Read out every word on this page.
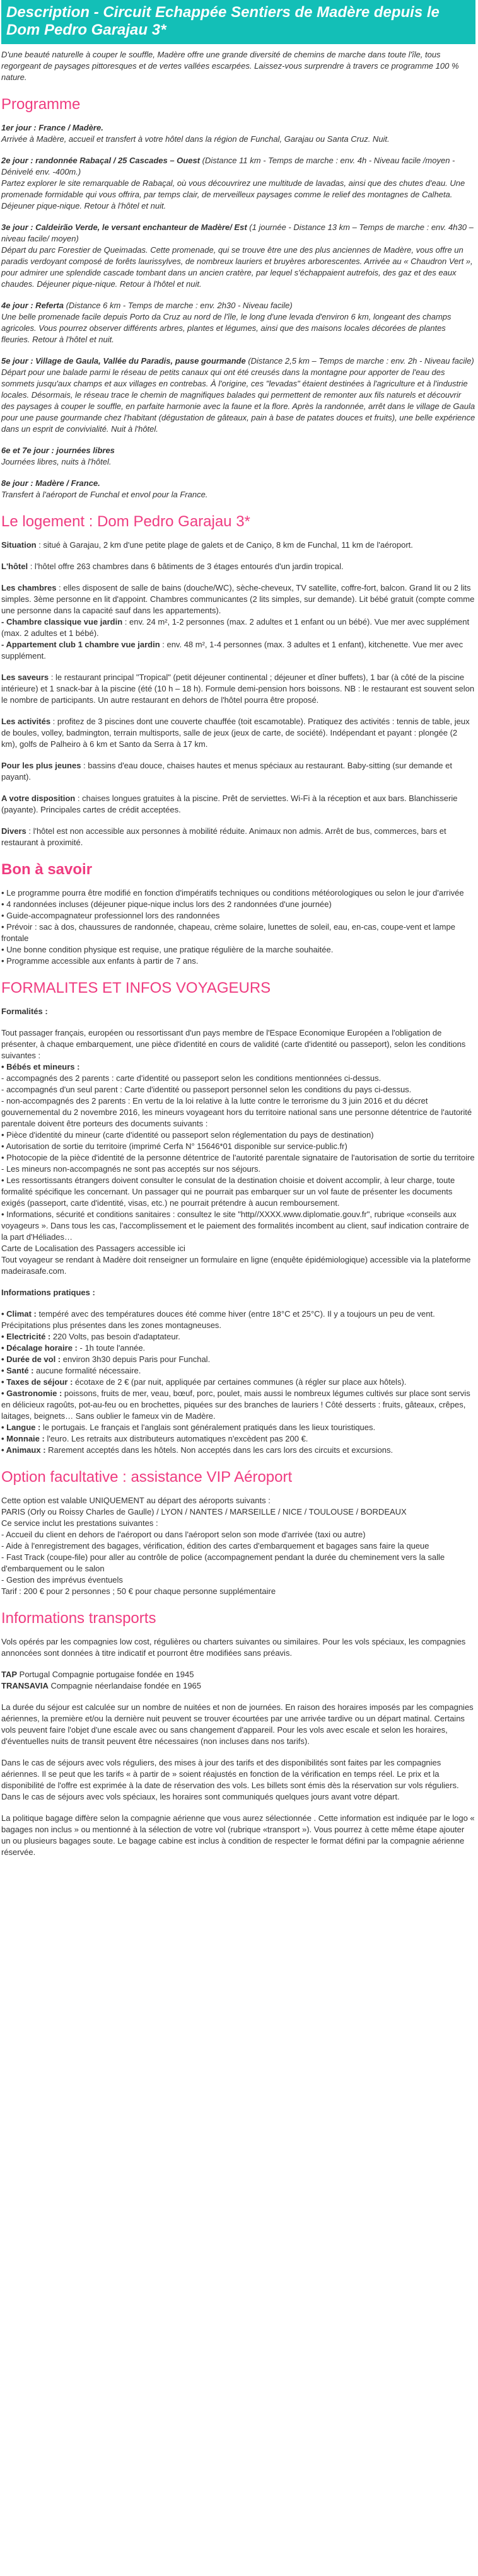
Description - Circuit Echappée Sentiers de Madère depuis le Dom Pedro Garajau 3*

D'une beauté naturelle à couper le souffle, Madère offre une grande diversité de chemins de marche dans toute l'île, tous regorgeant de paysages pittoresques et de vertes vallées escarpées. Laissez-vous surprendre à travers ce programme 100 % nature.

Programme

1er jour : France / Madère.
Arrivée à Madère, accueil et transfert à votre hôtel dans la région de Funchal, Garajau ou Santa Cruz. Nuit.

2e jour : randonnée Rabaçal / 25 Cascades – Ouest (Distance 11 km - Temps de marche : env. 4h - Niveau facile /moyen - Dénivelé env. -400m.)
Partez explorer le site remarquable de Rabaçal, où vous découvrirez une multitude de lavadas, ainsi que des chutes d'eau. Une promenade formidable qui vous offrira, par temps clair, de merveilleux paysages comme le relief des montagnes de Calheta. Déjeuner pique-nique. Retour à l'hôtel et nuit.

3e jour : Caldeirão Verde, le versant enchanteur de Madère/ Est (1 journée - Distance 13 km – Temps de marche : env. 4h30 – niveau facile/ moyen)
Départ du parc Forestier de Queimadas. Cette promenade, qui se trouve être une des plus anciennes de Madère, vous offre un paradis verdoyant composé de forêts laurissylves, de nombreux lauriers et bruyères arborescentes. Arrivée au « Chaudron Vert », pour admirer une splendide cascade tombant dans un ancien cratère, par lequel s'échappaient autrefois, des gaz et des eaux chaudes. Déjeuner pique-nique. Retour à l'hôtel et nuit.

4e jour : Referta (Distance 6 km - Temps de marche : env. 2h30 - Niveau facile)
Une belle promenade facile depuis Porto da Cruz au nord de l'île, le long d'une levada d'environ 6 km, longeant des champs agricoles. Vous pourrez observer différents arbres, plantes et légumes, ainsi que des maisons locales décorées de plantes fleuries. Retour à l'hôtel et nuit.

5e jour : Village de Gaula, Vallée du Paradis, pause gourmande (Distance 2,5 km – Temps de marche : env. 2h - Niveau facile)
Départ pour une balade parmi le réseau de petits canaux qui ont été creusés dans la montagne pour apporter de l'eau des sommets jusqu'aux champs et aux villages en contrebas. À l'origine, ces "levadas" étaient destinées à l'agriculture et à l'industrie locales. Désormais, le réseau trace le chemin de magnifiques balades qui permettent de remonter aux fils naturels et découvrir des paysages à couper le souffle, en parfaite harmonie avec la faune et la flore. Après la randonnée, arrêt dans le village de Gaula pour une pause gourmande chez l'habitant (dégustation de gâteaux, pain à base de patates douces et fruits), une belle expérience dans un esprit de convivialité. Nuit à l'hôtel.

6e et 7e jour : journées libres
Journées libres, nuits à l'hôtel.

8e jour : Madère / France.
Transfert à l'aéroport de Funchal et envol pour la France.

Le logement : Dom Pedro Garajau 3*

Situation : situé à Garajau, 2 km d'une petite plage de galets et de Caniço, 8 km de Funchal, 11 km de l'aéroport.

L'hôtel : l'hôtel offre 263 chambres dans 6 bâtiments de 3 étages entourés d'un jardin tropical.

Les chambres : elles disposent de salle de bains (douche/WC), sèche-cheveux, TV satellite, coffre-fort, balcon. Grand lit ou 2 lits simples. 3ème personne en lit d'appoint. Chambres communicantes (2 lits simples, sur demande). Lit bébé gratuit (compte comme une personne dans la capacité sauf dans les appartements).
- Chambre classique vue jardin : env. 24 m², 1-2 personnes (max. 2 adultes et 1 enfant ou un bébé). Vue mer avec supplément (max. 2 adultes et 1 bébé).
- Appartement club 1 chambre vue jardin : env. 48 m², 1-4 personnes (max. 3 adultes et 1 enfant), kitchenette. Vue mer avec supplément.

Les saveurs : le restaurant principal "Tropical" (petit déjeuner continental ; déjeuner et dîner buffets), 1 bar (à côté de la piscine intérieure) et 1 snack-bar à la piscine (été (10 h – 18 h). Formule demi-pension hors boissons. NB : le restaurant est souvent selon le nombre de participants. Un autre restaurant en dehors de l'hôtel pourra être proposé.

Les activités : profitez de 3 piscines dont une couverte chauffée (toit escamotable). Pratiquez des activités : tennis de table, jeux de boules, volley, badmington, terrain multisports, salle de jeux (jeux de carte, de société). Indépendant et payant : plongée (2 km), golfs de Palheiro à 6 km et Santo da Serra à 17 km.

Pour les plus jeunes : bassins d'eau douce, chaises hautes et menus spéciaux au restaurant. Baby-sitting (sur demande et payant).

A votre disposition : chaises longues gratuites à la piscine. Prêt de serviettes. Wi-Fi à la réception et aux bars. Blanchisserie (payante). Principales cartes de crédit acceptées.

Divers : l'hôtel est non accessible aux personnes à mobilité réduite. Animaux non admis. Arrêt de bus, commerces, bars et restaurant à proximité.

Bon à savoir
• Le programme pourra être modifié en fonction d'impératifs techniques ou conditions météorologiques ou selon le jour d'arrivée
• 4 randonnées incluses (déjeuner pique-nique inclus lors des 2 randonnées d'une journée)
• Guide-accompagnateur professionnel lors des randonnées
• Prévoir : sac à dos, chaussures de randonnée, chapeau, crème solaire, lunettes de soleil, eau, en-cas, coupe-vent et lampe frontale
• Une bonne condition physique est requise, une pratique régulière de la marche souhaitée.
• Programme accessible aux enfants à partir de 7 ans.
FORMALITES ET INFOS VOYAGEURS

Formalités :

Tout passager français, européen ou ressortissant d'un pays membre de l'Espace Economique Européen a l'obligation de présenter, à chaque embarquement, une pièce d'identité en cours de validité (carte d'identité ou passeport), selon les conditions suivantes :
• Bébés et mineurs :
- accompagnés des 2 parents : carte d'identité ou passeport selon les conditions mentionnées ci-dessus.
- accompagnés d'un seul parent : Carte d'identité ou passeport personnel selon les conditions du pays ci-dessus.
- non-accompagnés des 2 parents : En vertu de la loi relative à la lutte contre le terrorisme du 3 juin 2016 et du décret gouvernemental du 2 novembre 2016, les mineurs voyageant hors du territoire national sans une personne détentrice de l'autorité parentale doivent être porteurs des documents suivants :
• Pièce d'identité du mineur (carte d'identité ou passeport selon réglementation du pays de destination)
• Autorisation de sortie du territoire (imprimé Cerfa N° 15646*01 disponible sur service-public.fr)
• Photocopie de la pièce d'identité de la personne détentrice de l'autorité parentale signataire de l'autorisation de sortie du territoire
- Les mineurs non-accompagnés ne sont pas acceptés sur nos séjours.
• Les ressortissants étrangers doivent consulter le consulat de la destination choisie et doivent accomplir, à leur charge, toute formalité spécifique les concernant. Un passager qui ne pourrait pas embarquer sur un vol faute de présenter les documents exigés (passeport, carte d'identité, visas, etc.) ne pourrait prétendre à aucun remboursement.
• Informations, sécurité et conditions sanitaires : consultez le site "http//XXXX.www.diplomatie.gouv.fr", rubrique «conseils aux voyageurs ». Dans tous les cas, l'accomplissement et le paiement des formalités incombent au client, sauf indication contraire de la part d'Héliades…
Carte de Localisation des Passagers accessible ici
Tout voyageur se rendant à Madère doit renseigner un formulaire en ligne (enquête épidémiologique) accessible via la plateforme madeirasafe.com.

Informations pratiques :

• Climat : tempéré avec des températures douces été comme hiver (entre 18°C et 25°C). Il y a toujours un peu de vent. Précipitations plus présentes dans les zones montagneuses.
• Electricité : 220 Volts, pas besoin d'adaptateur.
• Décalage horaire : - 1h toute l'année.
• Durée de vol : environ 3h30 depuis Paris pour Funchal.
• Santé : aucune formalité nécessaire.
• Taxes de séjour : écotaxe de 2 € (par nuit, appliquée par certaines communes (à régler sur place aux hôtels).
• Gastronomie : poissons, fruits de mer, veau, bœuf, porc, poulet, mais aussi le nombreux légumes cultivés sur place sont servis en délicieux ragoûts, pot-au-feu ou en brochettes, piquées sur des branches de lauriers ! Côté desserts : fruits, gâteaux, crêpes, laitages, beignets… Sans oublier le fameux vin de Madère.
• Langue : le portugais. Le français et l'anglais sont généralement pratiqués dans les lieux touristiques.
• Monnaie : l'euro. Les retraits aux distributeurs automatiques n'excèdent pas 200 €.
• Animaux : Rarement acceptés dans les hôtels. Non acceptés dans les cars lors des circuits et excursions.
Option facultative : assistance VIP Aéroport
Cette option est valable UNIQUEMENT au départ des aéroports suivants :
PARIS (Orly ou Roissy Charles de Gaulle) / LYON / NANTES / MARSEILLE / NICE / TOULOUSE / BORDEAUX
Ce service inclut les prestations suivantes :
- Accueil du client en dehors de l'aéroport ou dans l'aéroport selon son mode d'arrivée (taxi ou autre)
- Aide à l'enregistrement des bagages, vérification, édition des cartes d'embarquement et bagages sans faire la queue
- Fast Track (coupe-file) pour aller au contrôle de police (accompagnement pendant la durée du cheminement vers la salle d'embarquement ou le salon
- Gestion des imprévus éventuels
Tarif : 200 € pour 2 personnes ; 50 € pour chaque personne supplémentaire
Informations transports

Vols opérés par les compagnies low cost, régulières ou charters suivantes ou similaires. Pour les vols spéciaux, les compagnies annoncées sont données à titre indicatif et pourront être modifiées sans préavis.

TAP Portugal Compagnie portugaise fondée en 1945
TRANSAVIA Compagnie néerlandaise fondée en 1965

La durée du séjour est calculée sur un nombre de nuitées et non de journées. En raison des horaires imposés par les compagnies aériennes, la première et/ou la dernière nuit peuvent se trouver écourtées par une arrivée tardive ou un départ matinal. Certains vols peuvent faire l'objet d'une escale avec ou sans changement d'appareil. Pour les vols avec escale et selon les horaires, d'éventuelles nuits de transit peuvent être nécessaires (non incluses dans nos tarifs).

Dans le cas de séjours avec vols réguliers, des mises à jour des tarifs et des disponibilités sont faites par les compagnies aériennes. Il se peut que les tarifs « à partir de » soient réajustés en fonction de la vérification en temps réel. Le prix et la disponibilité de l'offre est exprimée à la date de réservation des vols. Les billets sont émis dès la réservation sur vols réguliers. Dans le cas de séjours avec vols spéciaux, les horaires sont communiqués quelques jours avant votre départ.

La politique bagage diffère selon la compagnie aérienne que vous aurez sélectionnée . Cette information est indiquée par le logo « bagages non inclus » ou mentionné à la sélection de votre vol (rubrique «transport »). Vous pourrez à cette même étape ajouter un ou plusieurs bagages soute. Le bagage cabine est inclus à condition de respecter le format défini par la compagnie aérienne réservée.
